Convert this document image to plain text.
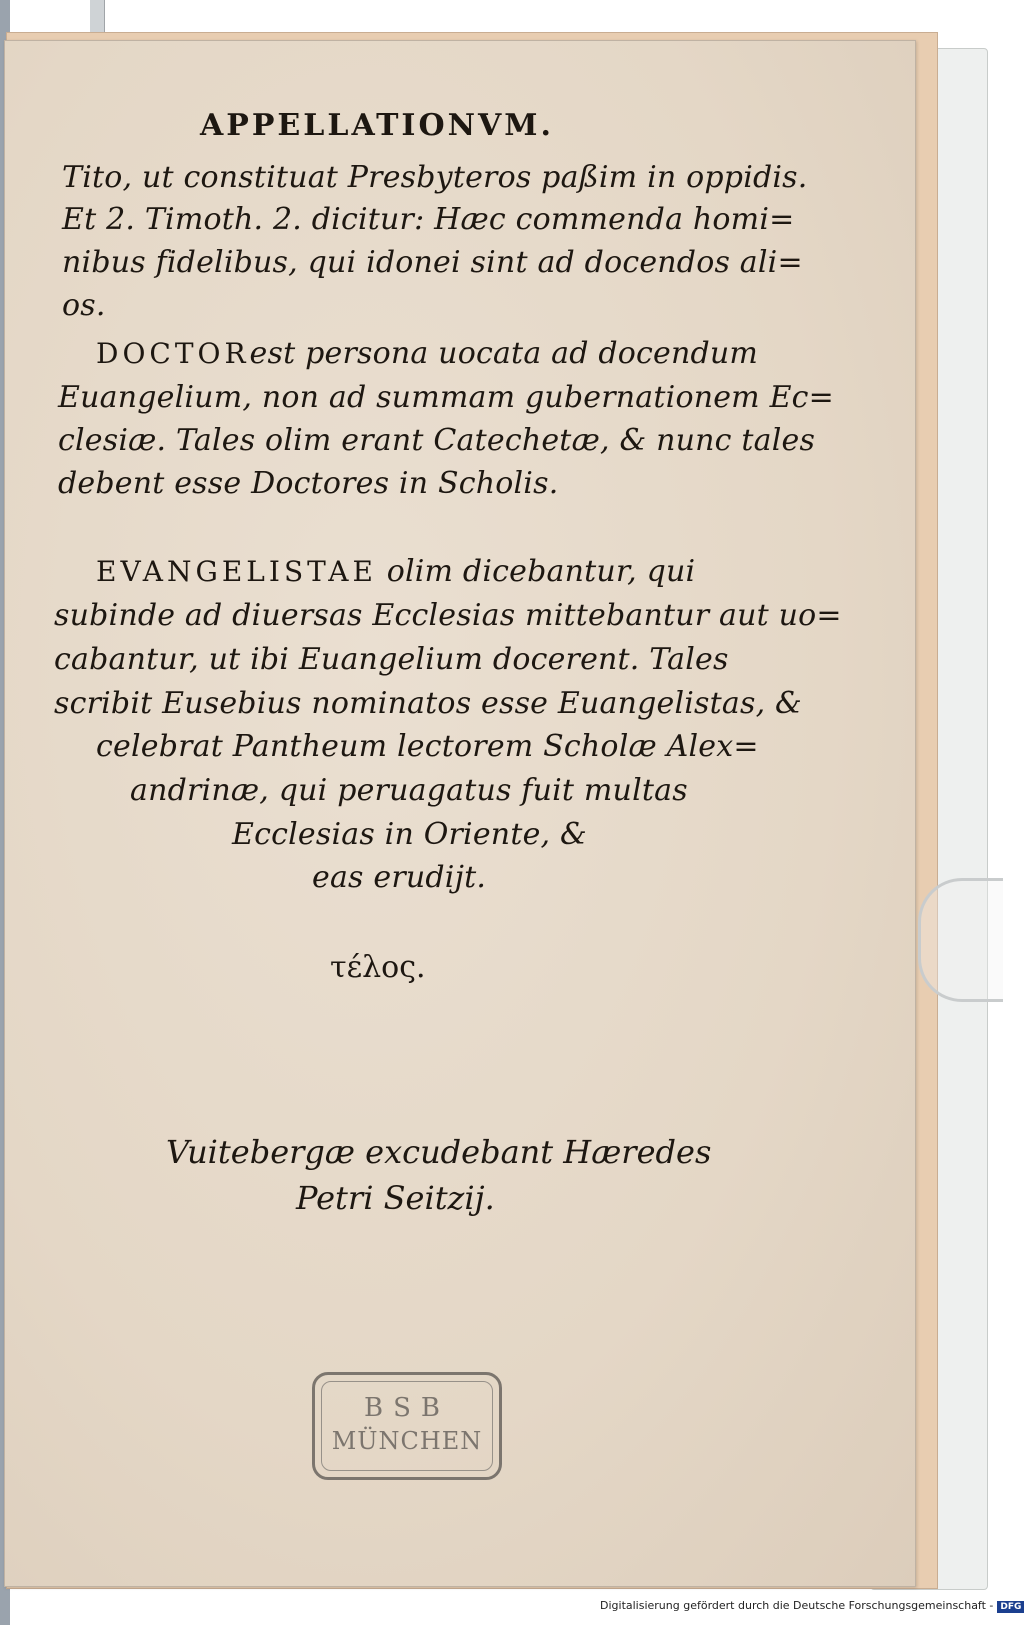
APPELLATIONVM.
Tito, ut constituat Presbyteros paßim in oppidis.
Et 2. Timoth. 2. dicitur: Hæc commenda homi=
nibus fidelibus, qui idonei sint ad docendos ali=
os.
DOCTORest persona uocata ad docendum
Euangelium, non ad summam gubernationem Ec=
clesiæ. Tales olim erant Catechetæ, & nunc tales
debent esse Doctores in Scholis.
EVANGELISTAE olim dicebantur, qui
subinde ad diuersas Ecclesias mittebantur aut uo=
cabantur, ut ibi Euangelium docerent. Tales
scribit Eusebius nominatos esse Euangelistas, &
celebrat Pantheum lectorem Scholæ Alex=
andrinæ, qui peruagatus fuit multas
Ecclesias in Oriente, &
eas erudijt.
τέλος.
Vuitebergæ excudebant Hæredes
Petri Seitzij.
BSB
MÜNCHEN
Digitalisierung gefördert durch die Deutsche Forschungsgemeinschaft - DFG
